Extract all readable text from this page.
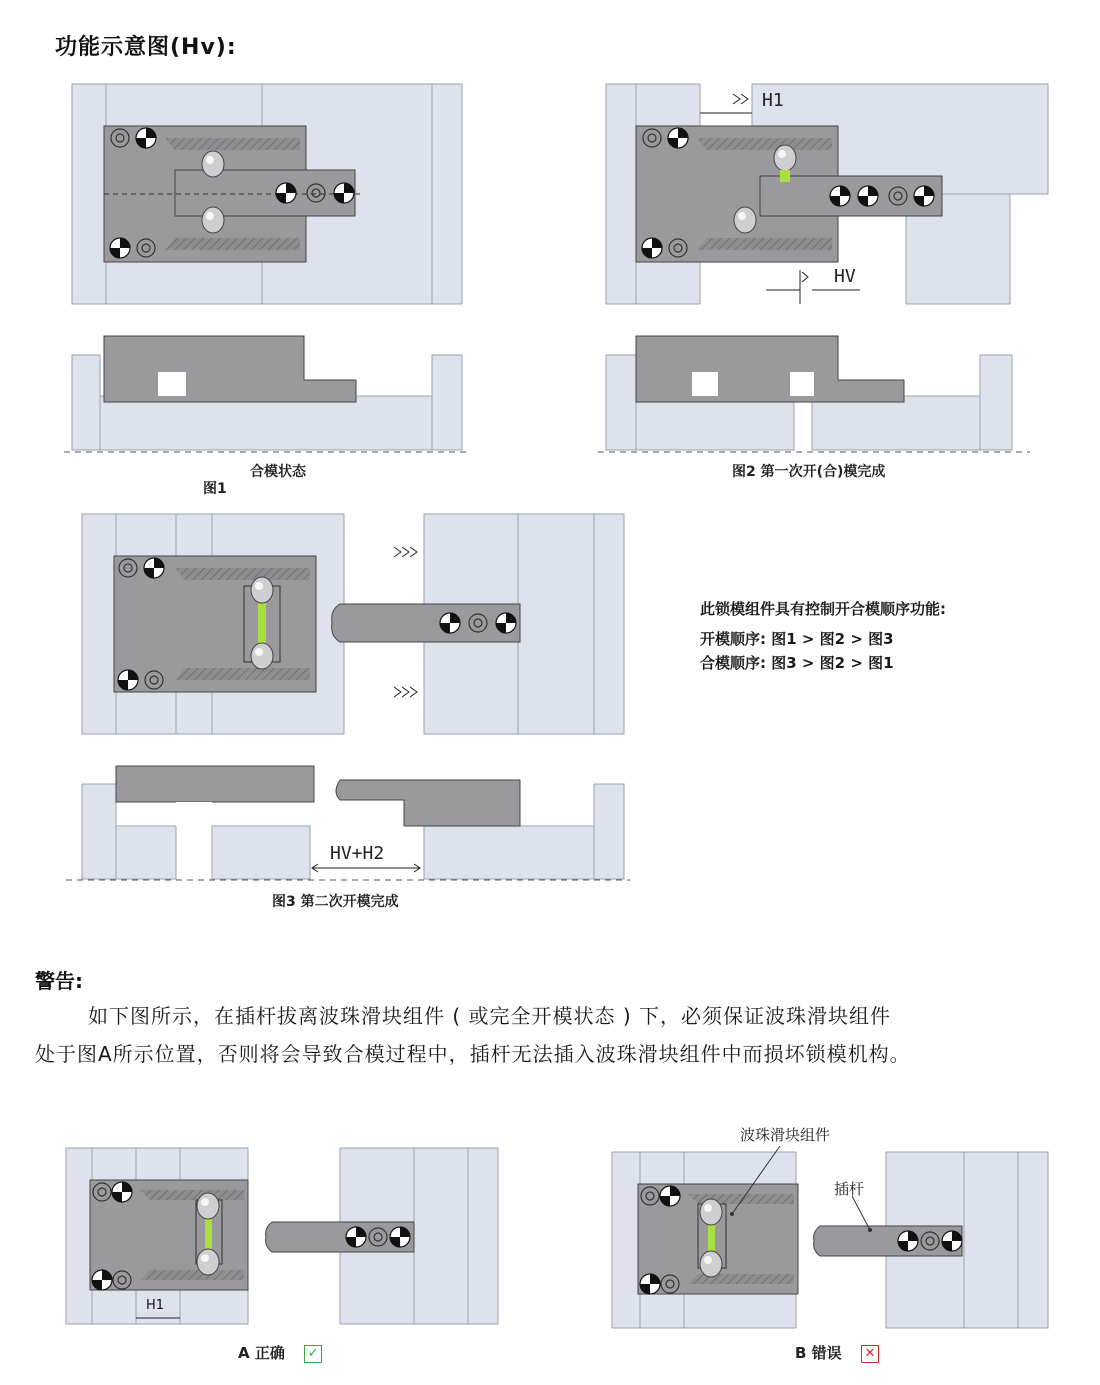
功能示意图(Hv):
合模状态
图1
图2 第一次开(合)模完成
图3 第二次开模完成
H1
HV
HV+H2
H1
此锁模组件具有控制开合模顺序功能:
开模顺序: 图1 > 图2 > 图3
合模顺序: 图3 > 图2 > 图1
警告:
如下图所示，在插杆拔离波珠滑块组件 ( 或完全开模状态 ) 下，必须保证波珠滑块组件
处于图A所示位置，否则将会导致合模过程中，插杆无法插入波珠滑块组件中而损坏锁模机构。
波珠滑块组件
插杆
A 正确 ✓	B 错误 ✕
